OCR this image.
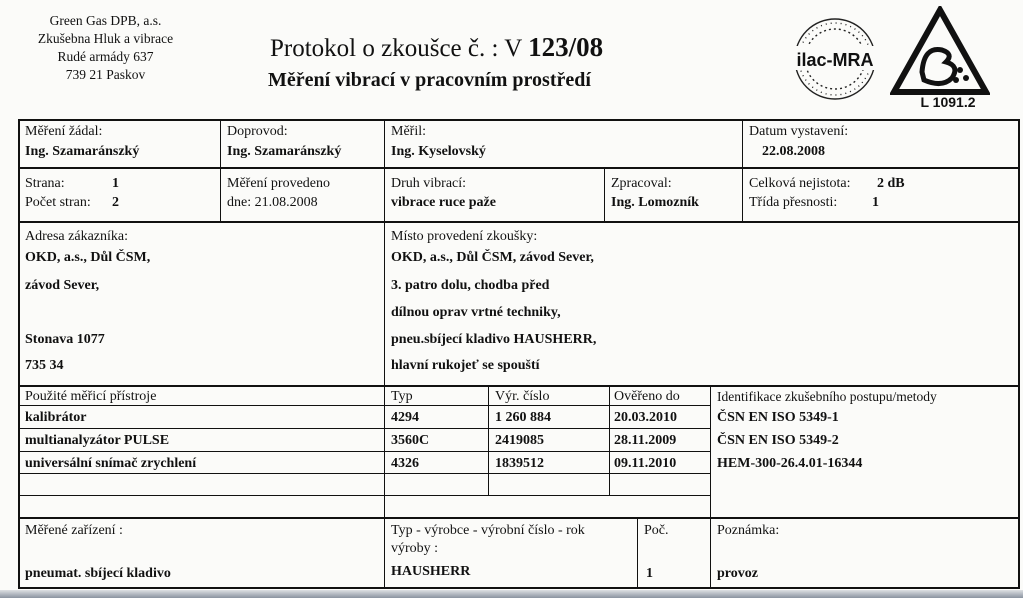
Green Gas DPB, a.s.
Zkušebna Hluk a vibrace
Rudé armády 637
739 21 Paskov
Protokol o zkoušce č. : V 123/08
Měření vibrací v pracovním prostředí
ilac-MRA
L 1091.2
Měření žádal:
Ing. Szamaránszký
Doprovod:
Ing. Szamaránszký
Měřil:
Ing. Kyselovský
Datum vystavení:
22.08.2008
Strana:	1
Počet stran: 2
Měření provedeno
dne: 21.08.2008
Druh vibrací:
vibrace ruce paže
Zpracoval:
Ing. Lomozník
Celková nejistota: 2 dB
Třída přesnosti: 1
Adresa zákazníka:
OKD, a.s., Důl ČSM,
závod Sever,
Stonava 1077
735 34
Místo provedení zkoušky:
OKD, a.s., Důl ČSM, závod Sever,
3. patro dolu, chodba před
dílnou oprav vrtné techniky,
pneu.sbíjecí kladivo HAUSHERR,
hlavní rukojeť se spouští
Použité měřicí přístroje	Typ	Výr. číslo	Ověřeno do	Identifikace zkušebního postupu/metody
kalibrátor	4294	1 260 884	20.03.2010
multianalyzátor PULSE	3560C	2419085	28.11.2009
universální snímač zrychlení	4326	1839512	09.11.2010
ČSN EN ISO 5349-1
ČSN EN ISO 5349-2
HEM-300-26.4.01-16344
Měřené zařízení :
pneumat. sbíjecí kladivo
Typ - výrobce - výrobní číslo - rok
výroby :
HAUSHERR
Poč.
1
Poznámka:
provoz
